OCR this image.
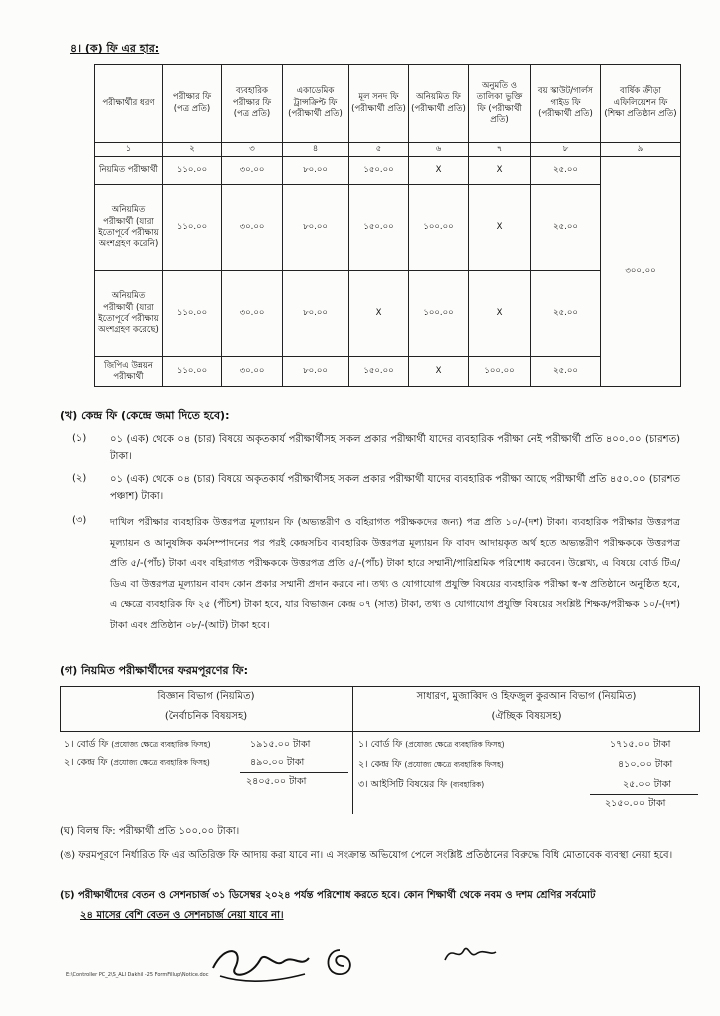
৪। (ক) ফি এর হার:
পরীক্ষার্থীর ধরণ	পরীক্ষার ফি (পত্র প্রতি)	ব্যবহারিক পরীক্ষার ফি (পত্র প্রতি)	একাডেমিক ট্রান্সক্রিপ্ট ফি (পরীক্ষার্থী প্রতি)	মূল সনদ ফি (পরীক্ষার্থী প্রতি)	অনিয়মিত ফি (পরীক্ষার্থী প্রতি)	অনুমতি ও তালিকা ভুক্তি ফি (পরীক্ষার্থী প্রতি)	বয় স্কাউট/গার্লস গাইড ফি (পরীক্ষার্থী প্রতি)	বার্ষিক ক্রীড়া এফিলিয়েশন ফি (শিক্ষা প্রতিষ্ঠান প্রতি)
১	২	৩	৪	৫	৬	৭	৮	৯
নিয়মিত পরীক্ষার্থী	১১০.০০	৩০.০০	৮০.০০	১৫০.০০	X	X	২৫.০০	৩০০.০০
অনিয়মিত পরীক্ষার্থী (যারা ইতোপূর্বে পরীক্ষায় অংশগ্রহণ করেনি)	১১০.০০	৩০.০০	৮০.০০	১৫০.০০	১০০.০০	X	২৫.০০	
অনিয়মিত পরীক্ষার্থী (যারা ইতোপূর্বে পরীক্ষায় অংশগ্রহণ করেছে)	১১০.০০	৩০.০০	৮০.০০	X	১০০.০০	X	২৫.০০	
জিপিএ উন্নয়ন পরীক্ষার্থী	১১০.০০	৩০.০০	৮০.০০	১৫০.০০	X	১০০.০০	২৫.০০	
(খ) কেন্দ্র ফি (কেন্দ্রে জমা দিতে হবে):
(১) ০১ (এক) থেকে ০৪ (চার) বিষয়ে অকৃতকার্য পরীক্ষার্থীসহ সকল প্রকার পরীক্ষার্থী যাদের ব্যবহারিক পরীক্ষা নেই পরীক্ষার্থী প্রতি ৪০০.০০ (চারশত) টাকা।
(২) ০১ (এক) থেকে ০৪ (চার) বিষয়ে অকৃতকার্য পরীক্ষার্থীসহ সকল প্রকার পরীক্ষার্থী যাদের ব্যবহারিক পরীক্ষা আছে পরীক্ষার্থী প্রতি ৪৫০.০০ (চারশত পঞ্চাশ) টাকা।
(৩) দাখিল পরীক্ষার ব্যবহারিক উত্তরপত্র মূল্যায়ন ফি (অভ্যন্তরীণ ও বহিরাগত পরীক্ষকদের জন্য) পত্র প্রতি ১০/-(দশ) টাকা। ব্যবহারিক পরীক্ষার উত্তরপত্র মূল্যায়ন ও আনুষঙ্গিক কর্মসম্পাদনের পর পরই কেন্দ্রসচিব ব্যবহারিক উত্তরপত্র মূল্যায়ন ফি বাবদ আদায়কৃত অর্থ হতে অভ্যন্তরীণ পরীক্ষককে উত্তরপত্র প্রতি ৫/-(পাঁচ) টাকা এবং বহিরাগত পরীক্ষককে উত্তরপত্র প্রতি ৫/-(পাঁচ) টাকা হারে সম্মানী/পারিশ্রমিক পরিশোধ করবেন। উল্লেখ্য, এ বিষয়ে বোর্ড টিএ/ডিএ বা উত্তরপত্র মূল্যায়ন বাবদ কোন প্রকার সম্মানী প্রদান করবে না। তথ্য ও যোগাযোগ প্রযুক্তি বিষয়ের ব্যবহারিক পরীক্ষা স্ব-স্ব প্রতিষ্ঠানে অনুষ্ঠিত হবে, এ ক্ষেত্রে ব্যবহারিক ফি ২৫ (পঁচিশ) টাকা হবে, যার বিভাজন কেন্দ্র ০৭ (সাত) টাকা, তথ্য ও যোগাযোগ প্রযুক্তি বিষয়ের সংশ্লিষ্ট শিক্ষক/পরীক্ষক ১০/-(দশ) টাকা এবং প্রতিষ্ঠান ০৮/-(আট) টাকা হবে।
(গ) নিয়মিত পরীক্ষার্থীদের ফরমপূরণের ফি:
বিজ্ঞান বিভাগ (নিয়মিত)
(নৈর্বাচনিক বিষয়সহ)
সাধারণ, মুজাব্বিদ ও হিফজুল কুরআন বিভাগ (নিয়মিত)
(ঐচ্ছিক বিষয়সহ)
১। বোর্ড ফি (প্রযোজ্য ক্ষেত্রে ব্যবহারিক ফিসহ)	১৯১৫.০০ টাকা
২। কেন্দ্র ফি (প্রযোজ্য ক্ষেত্রে ব্যবহারিক ফিসহ)	৪৯০.০০ টাকা
২৪০৫.০০ টাকা
১। বোর্ড ফি (প্রযোজ্য ক্ষেত্রে ব্যবহারিক ফিসহ)	১৭১৫.০০ টাকা
২। কেন্দ্র ফি (প্রযোজ্য ক্ষেত্রে ব্যবহারিক ফিসহ)	৪১০.০০ টাকা
৩। আইসিটি বিষয়ের ফি (ব্যবহারিক)	২৫.০০ টাকা
২১৫০.০০ টাকা
(ঘ) বিলম্ব ফি: পরীক্ষার্থী প্রতি ১০০.০০ টাকা।
(ঙ) ফরমপূরণে নির্ধারিত ফি এর অতিরিক্ত ফি আদায় করা যাবে না। এ সংক্রান্ত অভিযোগ পেলে সংশ্লিষ্ট প্রতিষ্ঠানের বিরুদ্ধে বিধি মোতাবেক ব্যবস্থা নেয়া হবে।
(চ) পরীক্ষার্থীদের বেতন ও সেশনচার্জ ৩১ ডিসেম্বর ২০২৪ পর্যন্ত পরিশোধ করতে হবে। কোন শিক্ষার্থী থেকে নবম ও দশম শ্রেণির সর্বমোট
২৪ মাসের বেশি বেতন ও সেশনচার্জ নেয়া যাবে না।
E:\Controller PC_2\S_ALI Dakhil -25 FormFillup\Notice.doc
